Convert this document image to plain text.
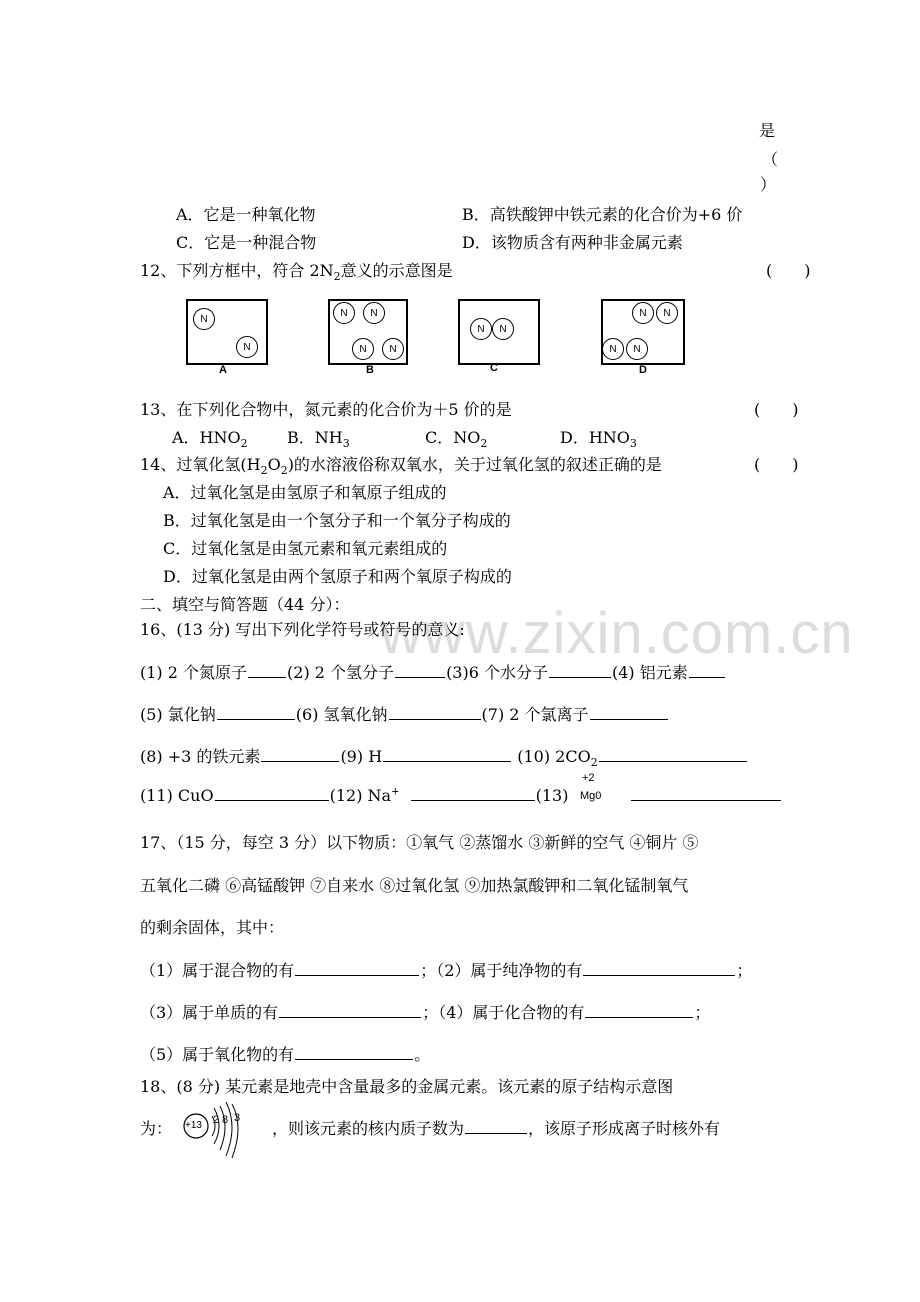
www.zixin.com.cn
是
（
）
A．它是一种氧化物	B．高铁酸钾中铁元素的化合价为+6 价
C．它是一种混合物	D．该物质含有两种非金属元素
12、下列方框中，符合 $2N_2$意义的示意图是	(　　)
N
N
A
N	N
N	N
B
N	N
C
N	N
N	N
D
13、在下列化合物中，氮元素的化合价为＋5 价的是	(　　)
A．$HNO_2$ B．$NH_3$	C．$NO_2$	D．$HNO_3$
14、过氧化氢$(H_2O_2)$的水溶液俗称双氧水，关于过氧化氢的叙述正确的是	(　　)
A．过氧化氢是由氢原子和氧原子组成的
B．过氧化氢是由一个氢分子和一个氧分子构成的
C．过氧化氢是由氢元素和氧元素组成的
D．过氧化氢是由两个氢原子和两个氧原子构成的
二、填空与简答题（44 分）：
16、(13 分) 写出下列化学符号或符号的意义:
(1) 2 个氮原子	(2) 2 个氢分子	(3)6 个水分子	(4) 铝元素
(5) 氯化钠	(6) 氢氧化钠	(7) 2 个氯离子
(8) +3 的铁元素	(9) H	(10) $2CO_2$
(11) CuO	(12) Na+	(13)
+2
Mg0
17、（15 分，每空 3 分）以下物质：①氧气 ②蒸馏水 ③新鲜的空气 ④铜片 ⑤
五氧化二磷 ⑥高锰酸钾 ⑦自来水 ⑧过氧化氢 ⑨加热氯酸钾和二氧化锰制氧气
的剩余固体，其中：
（1）属于混合物的有	；（2）属于纯净物的有	；
（3）属于单质的有	；（4）属于化合物的有	；
（5）属于氧化物的有	。
18、(8 分) 某元素是地壳中含量最多的金属元素。该元素的原子结构示意图
为： +13 2 8 3
，则该元素的核内质子数为	，该原子形成离子时核外有
